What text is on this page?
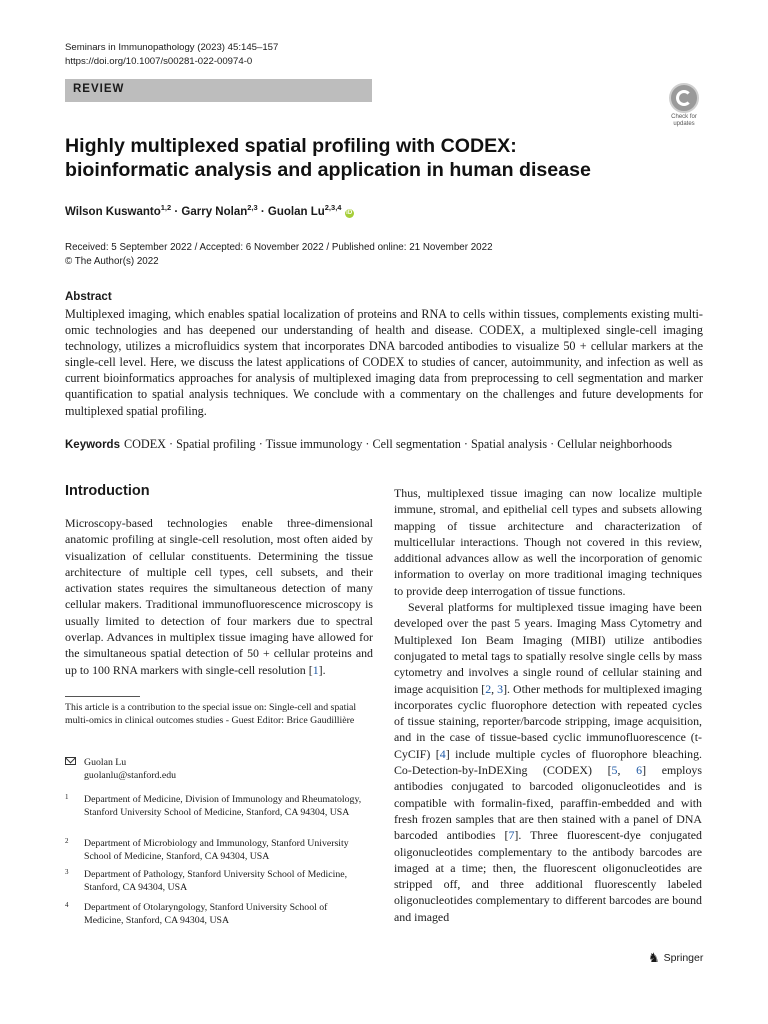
Seminars in Immunopathology (2023) 45:145–157
https://doi.org/10.1007/s00281-022-00974-0
REVIEW
Check for
updates
Highly multiplexed spatial profiling with CODEX: bioinformatic analysis and application in human disease
Wilson Kuswanto$^{1,2}$ · Garry Nolan$^{2,3}$ · Guolan Lu$^{2,3,4}$ iD
Received: 5 September 2022 / Accepted: 6 November 2022 / Published online: 21 November 2022
© The Author(s) 2022
Abstract
Multiplexed imaging, which enables spatial localization of proteins and RNA to cells within tissues, complements existing multi-omic technologies and has deepened our understanding of health and disease. CODEX, a multiplexed single-cell imaging technology, utilizes a microfluidics system that incorporates DNA barcoded antibodies to visualize 50 + cellular markers at the single-cell level. Here, we discuss the latest applications of CODEX to studies of cancer, autoimmunity, and infection as well as current bioinformatics approaches for analysis of multiplexed imaging data from preprocessing to cell segmentation and marker quantification to spatial analysis techniques. We conclude with a commentary on the challenges and future developments for multiplexed spatial profiling.
Keywords CODEX · Spatial profiling · Tissue immunology · Cell segmentation · Spatial analysis · Cellular neighborhoods
Introduction

Microscopy-based technologies enable three-dimensional anatomic profiling at single-cell resolution, most often aided by visualization of cellular constituents. Determining the tissue architecture of multiple cell types, cell subsets, and their activation states requires the simultaneous detection of many cellular makers. Traditional immunofluorescence microscopy is usually limited to detection of four markers due to spectral overlap. Advances in multiplex tissue imaging have allowed for the simultaneous spatial detection of 50 + cellular proteins and up to 100 RNA markers with single-cell resolution [1].

Thus, multiplexed tissue imaging can now localize multiple immune, stromal, and epithelial cell types and subsets allowing mapping of tissue architecture and characterization of multicellular interactions. Though not covered in this review, additional advances allow as well the incorporation of genomic information to overlay on more traditional imaging techniques to provide deep interrogation of tissue functions.

Several platforms for multiplexed tissue imaging have been developed over the past 5 years. Imaging Mass Cytometry and Multiplexed Ion Beam Imaging (MIBI) utilize antibodies conjugated to metal tags to spatially resolve single cells by mass cytometry and involves a single round of cellular staining and image acquisition [2, 3]. Other methods for multiplexed imaging incorporates cyclic fluorophore detection with repeated cycles of tissue staining, reporter/barcode stripping, image acquisition, and in the case of tissue-based cyclic immunofluorescence (t-CyCIF) [4] include multiple cycles of fluorophore bleaching. Co-Detection-by-InDEXing (CODEX) [5, 6] employs antibodies conjugated to barcoded oligonucleotides and is compatible with formalin-fixed, paraffin-embedded and with fresh frozen samples that are then stained with a panel of DNA barcoded antibodies [7]. Three fluorescent-dye conjugated oligonucleotides complementary to the antibody barcodes are imaged at a time; then, the fluorescent oligonucleotides are stripped off, and three additional fluorescently labeled oligonucleotides complementary to different barcodes are bound and imaged

This article is a contribution to the special issue on: Single-cell and spatial multi-omics in clinical outcomes studies - Guest Editor: Brice Gaudillière
Guolan Lu
guolanlu@stanford.edu
1 Department of Medicine, Division of Immunology and Rheumatology, Stanford University School of Medicine, Stanford, CA 94304, USA
2 Department of Microbiology and Immunology, Stanford University School of Medicine, Stanford, CA 94304, USA
3 Department of Pathology, Stanford University School of Medicine, Stanford, CA 94304, USA
4 Department of Otolaryngology, Stanford University School of Medicine, Stanford, CA 94304, USA
♞ Springer
